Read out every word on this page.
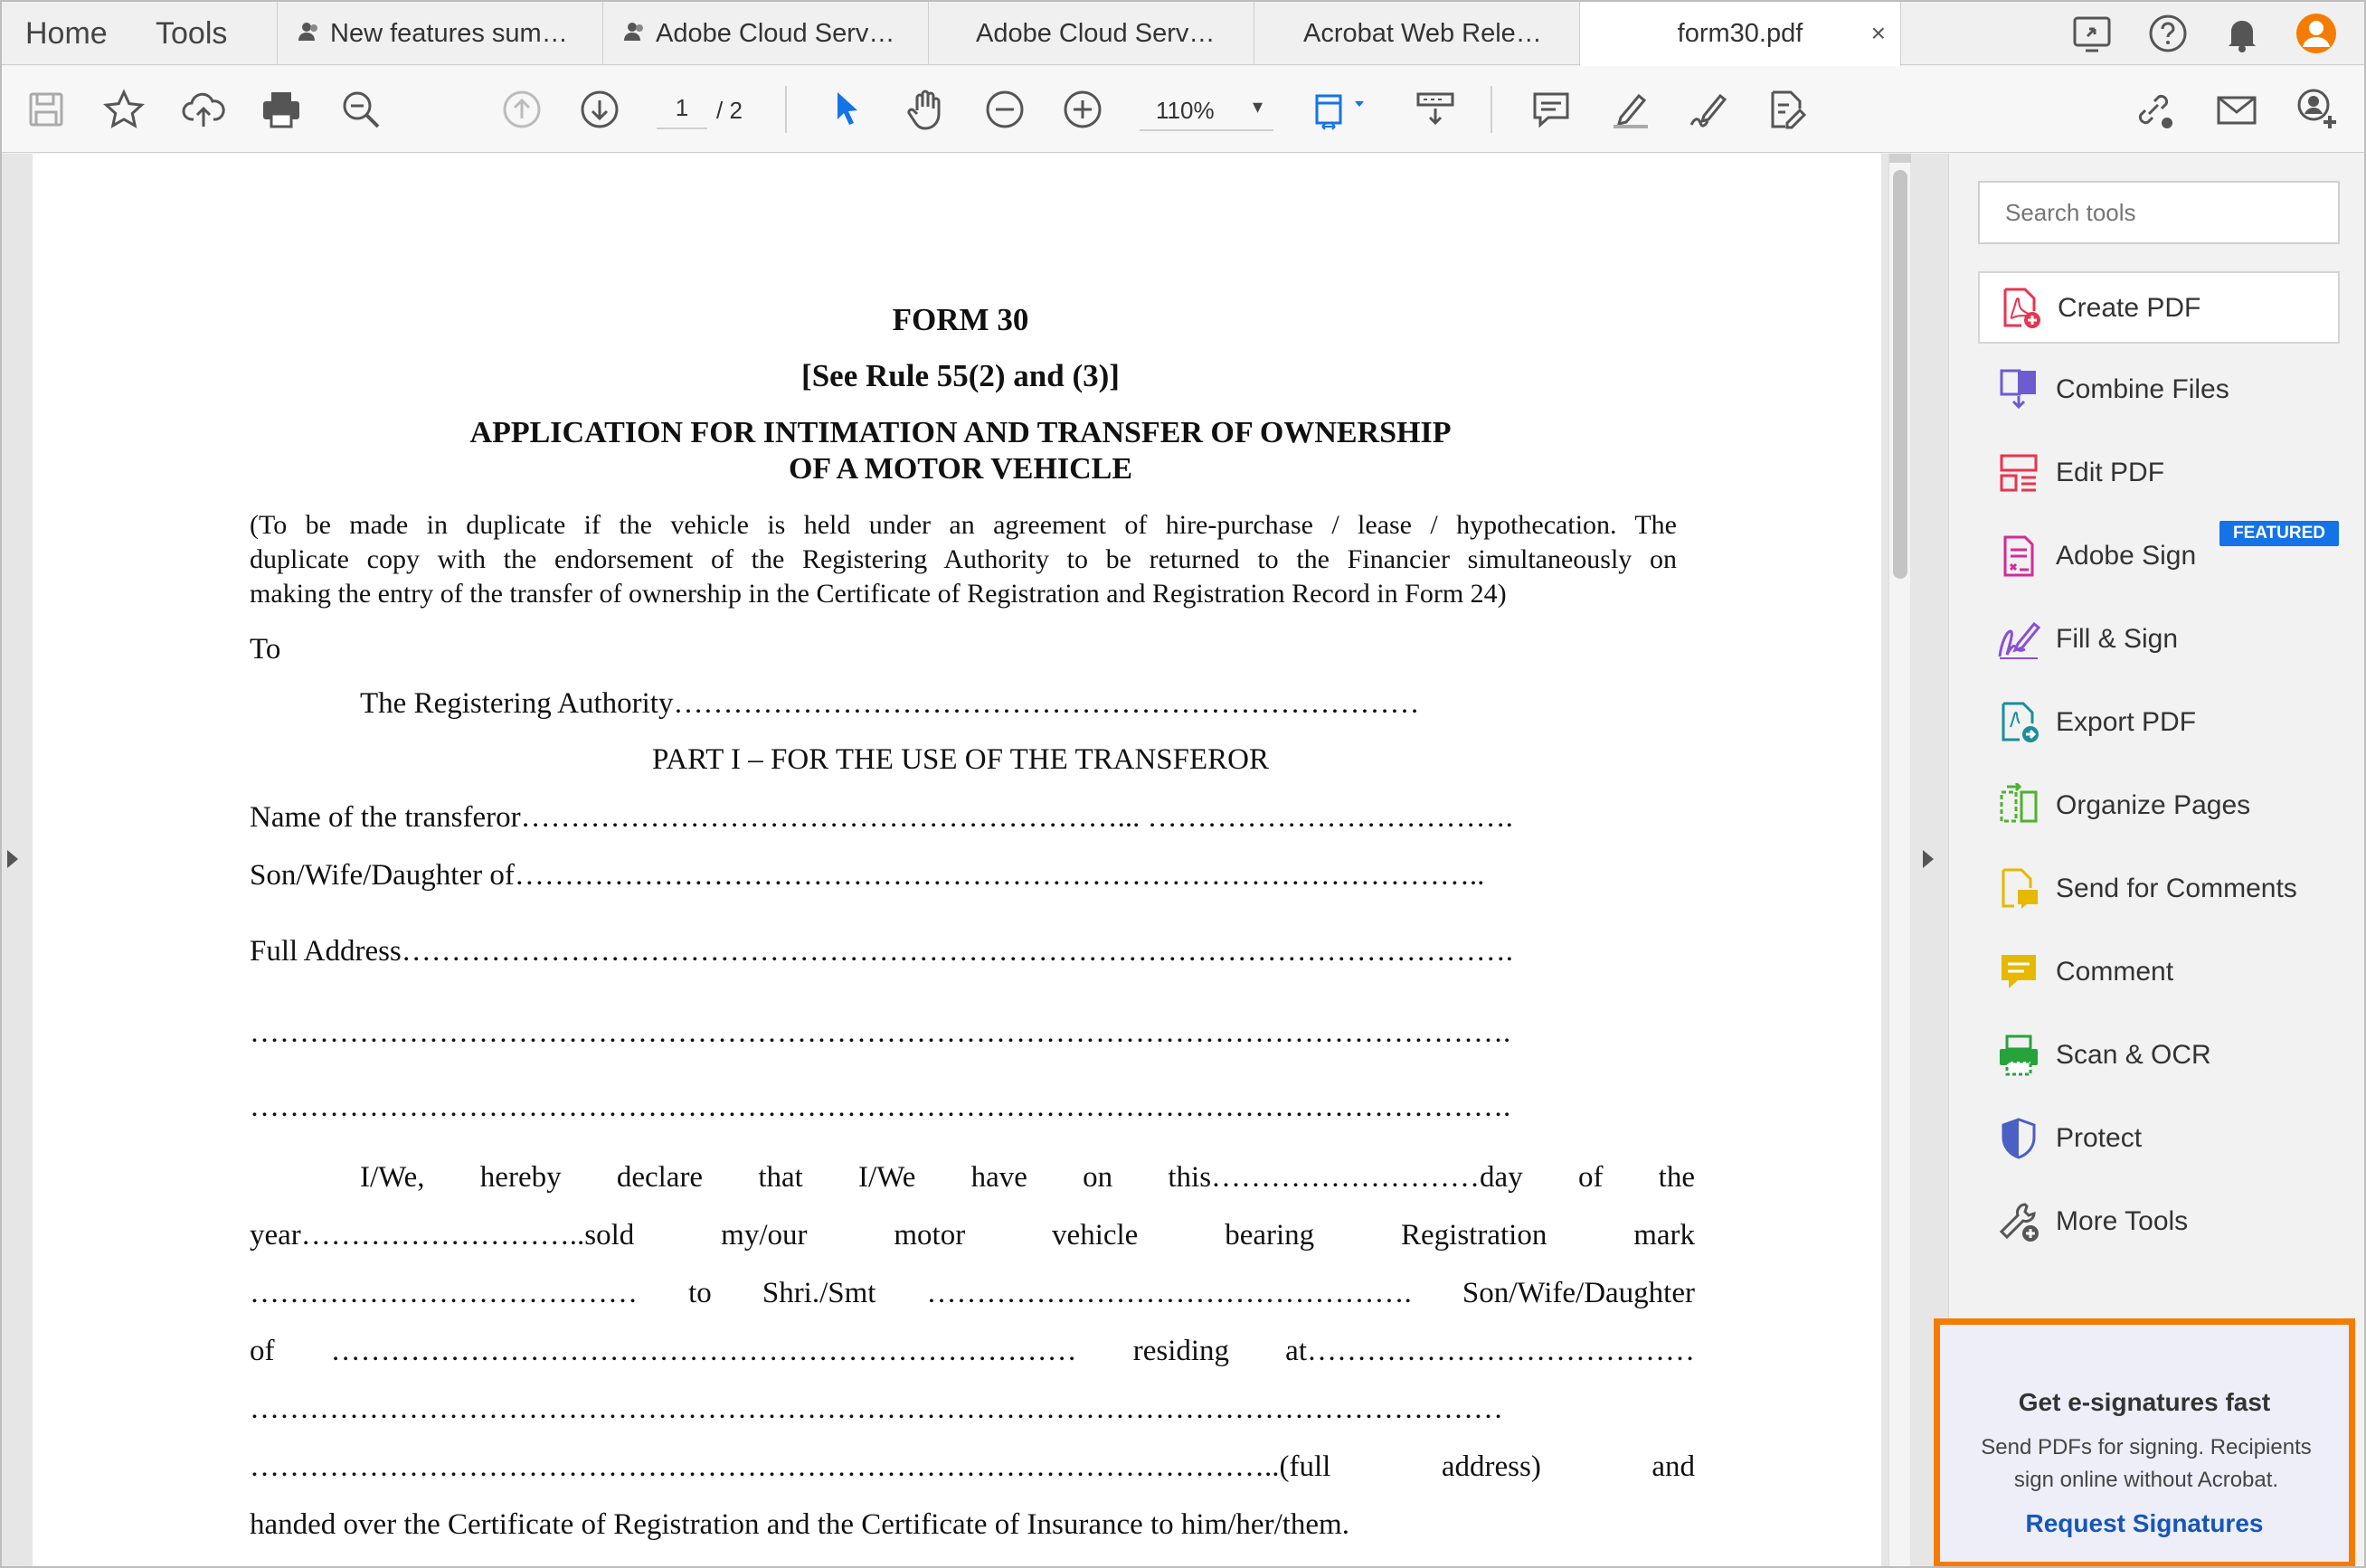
Home Tools	New features sum…	Adobe Cloud Serv…	Adobe Cloud Serv…	Acrobat Web Rele…	form30.pdf	×
1
/ 2	110% ▾
FORM 30
[See Rule 55(2) and (3)]
APPLICATION FOR INTIMATION AND TRANSFER OF OWNERSHIP
OF A MOTOR VEHICLE
(To be made in duplicate if the vehicle is held under an agreement of hire-purchase / lease / hypothecation. The
duplicate copy with the endorsement of the Registering Authority to be returned to the Financier simultaneously on
making the entry of the transfer of ownership in the Certificate of Registration and Registration Record in Form 24)
To
The Registering Authority…………………………………………………………………
PART I – FOR THE USE OF THE TRANSFEROR
Name of the transferor……………………………………………………... ……………………………….
Son/Wife/Daughter of……………………………………………………………………………………..
Full Address………………………………………………………………………………………………….
……………………………………………………………………………………………………………….
……………………………………………………………………………………………………………….
I/We, hereby declare that I/We have on this………………………day of the
year………………………..sold my/our motor vehicle bearing Registration mark
………………………………… to Shri./Smt …………………………………………. Son/Wife/Daughter
of ………………………………………………………………… residing at…………………………………
………………………………………………………………………………………………………………
…………………………………………………………………………………………..(full address) and
handed over the Certificate of Registration and the Certificate of Insurance to him/her/them.
Search tools
Create PDF
Combine Files
Edit PDF
Adobe Sign
Fill & Sign
Export PDF
Organize Pages
Send for Comments
Comment
Scan & OCR
Protect
More Tools
FEATURED
Get e-signatures fast
Send PDFs for signing. Recipients sign online without Acrobat.
Request Signatures
